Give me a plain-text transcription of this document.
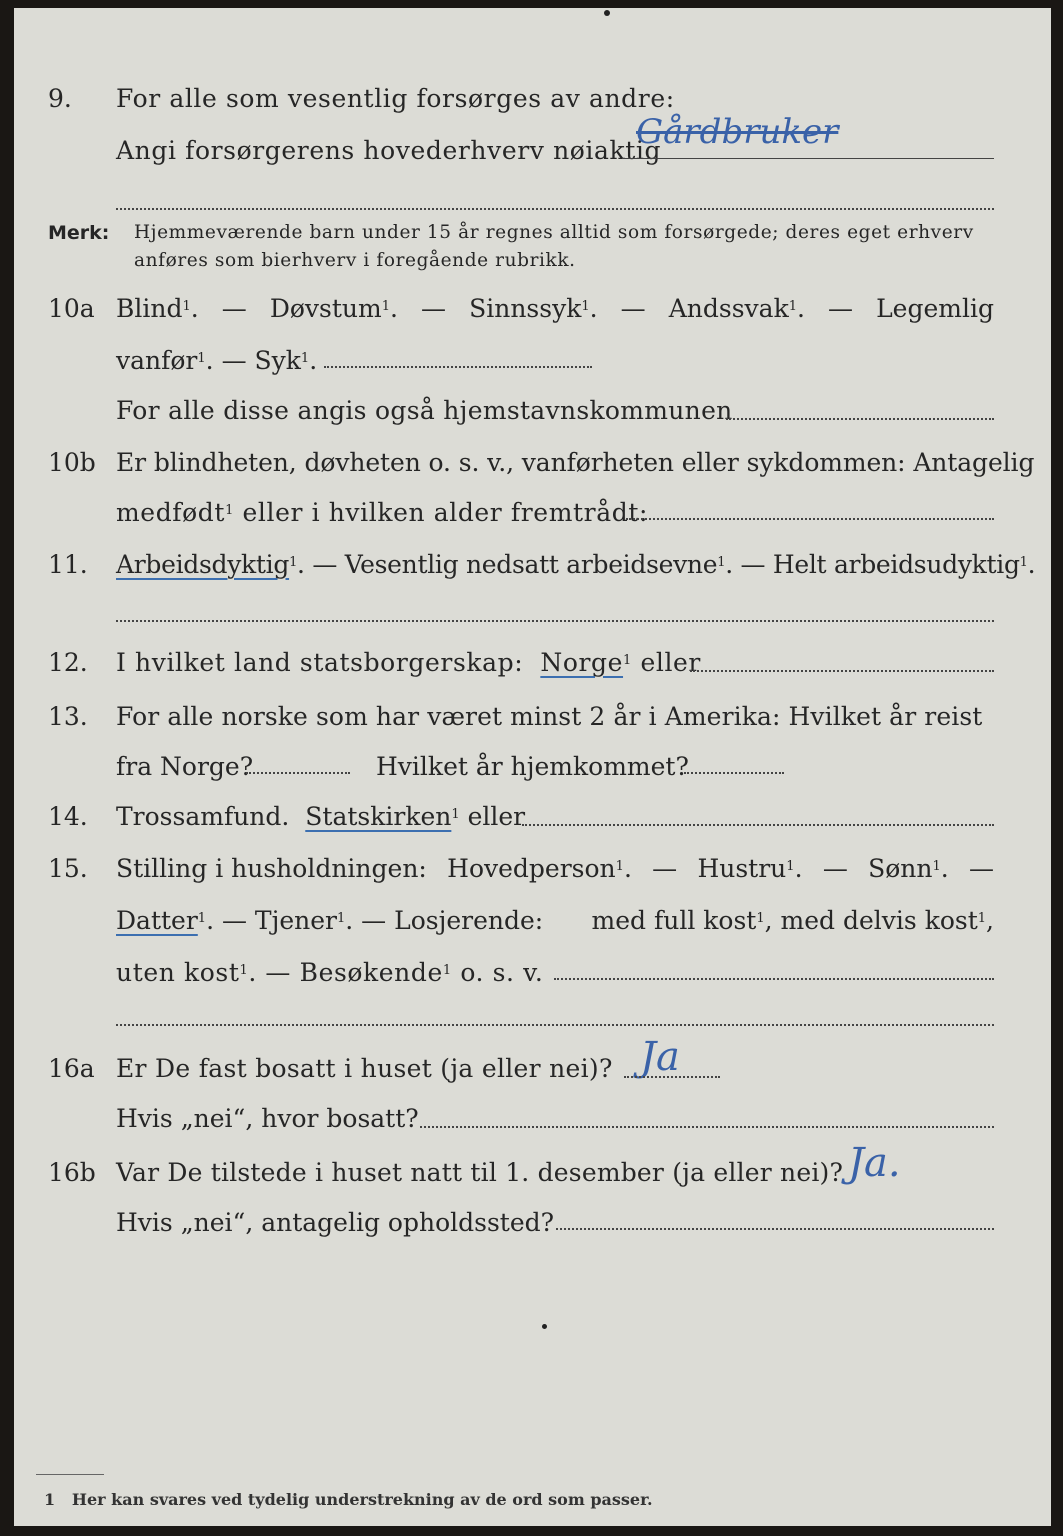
9. For alle som vesentlig forsørges av andre:
Angi forsørgerens hovederhverv nøiaktig
Gårdbruker
Merk: Hjemmeværende barn under 15 år regnes alltid som forsørgede; deres eget erhverv
anføres som bierhverv i foregående rubrikk.
10a Blind$^1$. — Døvstum$^1$. — Sinnssyk$^1$. — Andssvak$^1$. — Legemlig
vanfør$^1$. — Syk$^1$.
For alle disse angis også hjemstavnskommunen
10b Er blindheten, døvheten o. s. v., vanførheten eller sykdommen: Antagelig
medfødt$^1$ eller i hvilken alder fremtrådt:
11. Arbeidsdyktig$^1$. — Vesentlig nedsatt arbeidsevne$^1$. — Helt arbeidsudyktig$^1$.
12. I hvilket land statsborgerskap: Norge$^1$ eller
13. For alle norske som har været minst 2 år i Amerika: Hvilket år reist
fra Norge?	Hvilket år hjemkommet?
14. Trossamfund. Statskirken$^1$ eller
15. Stilling i husholdningen: Hovedperson$^1$. — Hustru$^1$. — Sønn$^1$. —
Datter$^1$. — Tjener$^1$. — Losjerende: med full kost$^1$, med delvis kost$^1$,
uten kost$^1$. — Besøkende$^1$ o. s. v.
16a Er De fast bosatt i huset (ja eller nei)? Ja
Hvis „nei“, hvor bosatt?
16b Var De tilstede i huset natt til 1. desember (ja eller nei)? Ja.
Hvis „nei“, antagelig opholdssted?
1 Her kan svares ved tydelig understrekning av de ord som passer.
